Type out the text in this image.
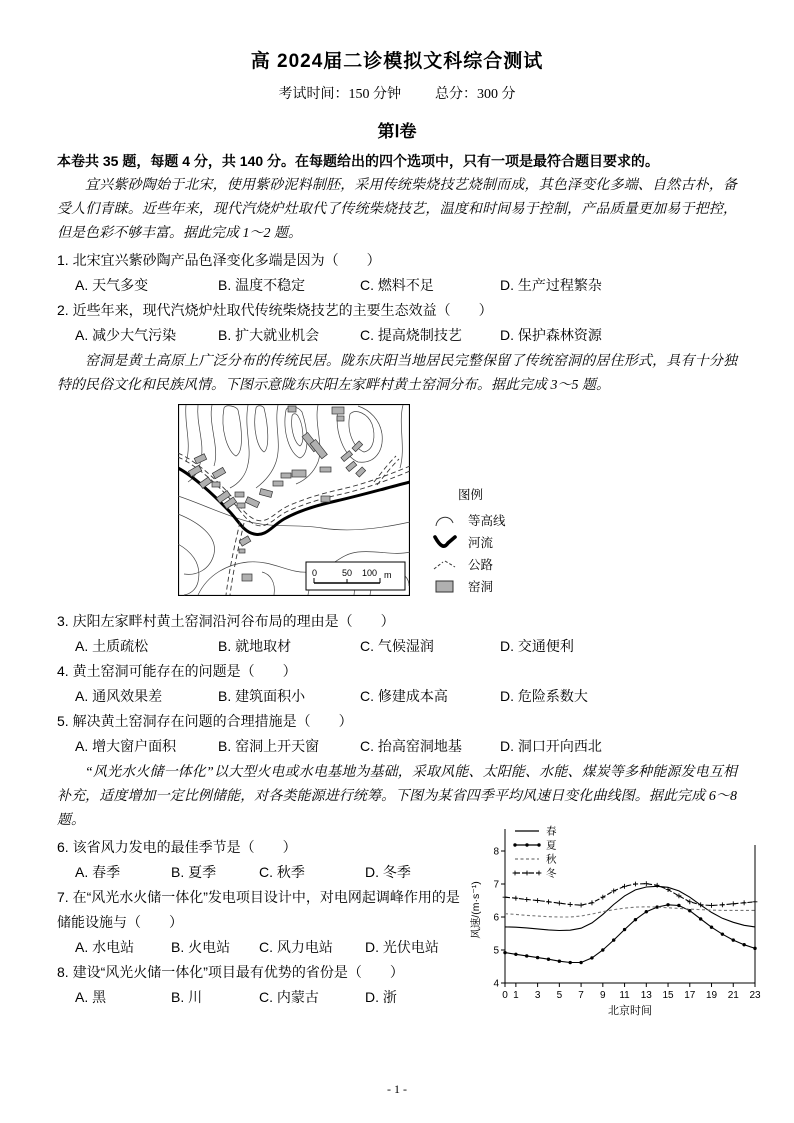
高 2024届二诊模拟文科综合测试
考试时间：150 分钟 总分：300 分
第Ⅰ卷
本卷共 35 题，每题 4 分，共 140 分。在每题给出的四个选项中，只有一项是最符合题目要求的。

宜兴紫砂陶始于北宋，使用紫砂泥料制胚，采用传统柴烧技艺烧制而成，其色泽变化多端、自然古朴，备受人们青睐。近些年来，现代汽烧炉灶取代了传统柴烧技艺，温度和时间易于控制，产品质量更加易于把控，但是色彩不够丰富。据此完成 1～2 题。

1. 北宋宜兴紫砂陶产品色泽变化多端是因为（　　）
A. 天气多变	B. 温度不稳定	C. 燃料不足	D. 生产过程繁杂
2. 近些年来，现代汽烧炉灶取代传统柴烧技艺的主要生态效益（　　）
A. 减少大气污染	B. 扩大就业机会	C. 提高烧制技艺	D. 保护森林资源

窑洞是黄土高原上广泛分布的传统民居。陇东庆阳当地居民完整保留了传统窑洞的居住形式，具有十分独特的民俗文化和民族风情。下图示意陇东庆阳左家畔村黄土窑洞分布。据此完成 3～5 题。

0	50 100 m
图例
等高线
河流
公路
窑洞
3. 庆阳左家畔村黄土窑洞沿河谷布局的理由是（　　）
A. 土质疏松	B. 就地取材	C. 气候湿润	D. 交通便利
4. 黄土窑洞可能存在的问题是（　　）
A. 通风效果差	B. 建筑面积小	C. 修建成本高	D. 危险系数大
5. 解决黄土窑洞存在问题的合理措施是（　　）
A. 增大窗户面积	B. 窑洞上开天窗	C. 抬高窑洞地基	D. 洞口开向西北

“风光水火储一体化”以大型火电或水电基地为基础，采取风能、太阳能、水能、煤炭等多种能源发电互相补充，适度增加一定比例储能，对各类能源进行统筹。下图为某省四季平均风速日变化曲线图。据此完成 6～8 题。

4
5
6
7
8
0 1 3 5 7 9 11 13 15 17 19 21 23
风速/(m·s⁻¹)
北京时间
春
夏
秋
冬
6. 该省风力发电的最佳季节是（　　）
A. 春季	B. 夏季	C. 秋季	D. 冬季
7. 在“风光水火储一体化”发电项目设计中，对电网起调峰作用的是储能设施与（　　）
A. 水电站	B. 火电站	C. 风力电站	D. 光伏电站
8. 建设“风光火储一体化”项目最有优势的省份是（　　）
A. 黑	B. 川	C. 内蒙古	D. 浙
- 1 -
